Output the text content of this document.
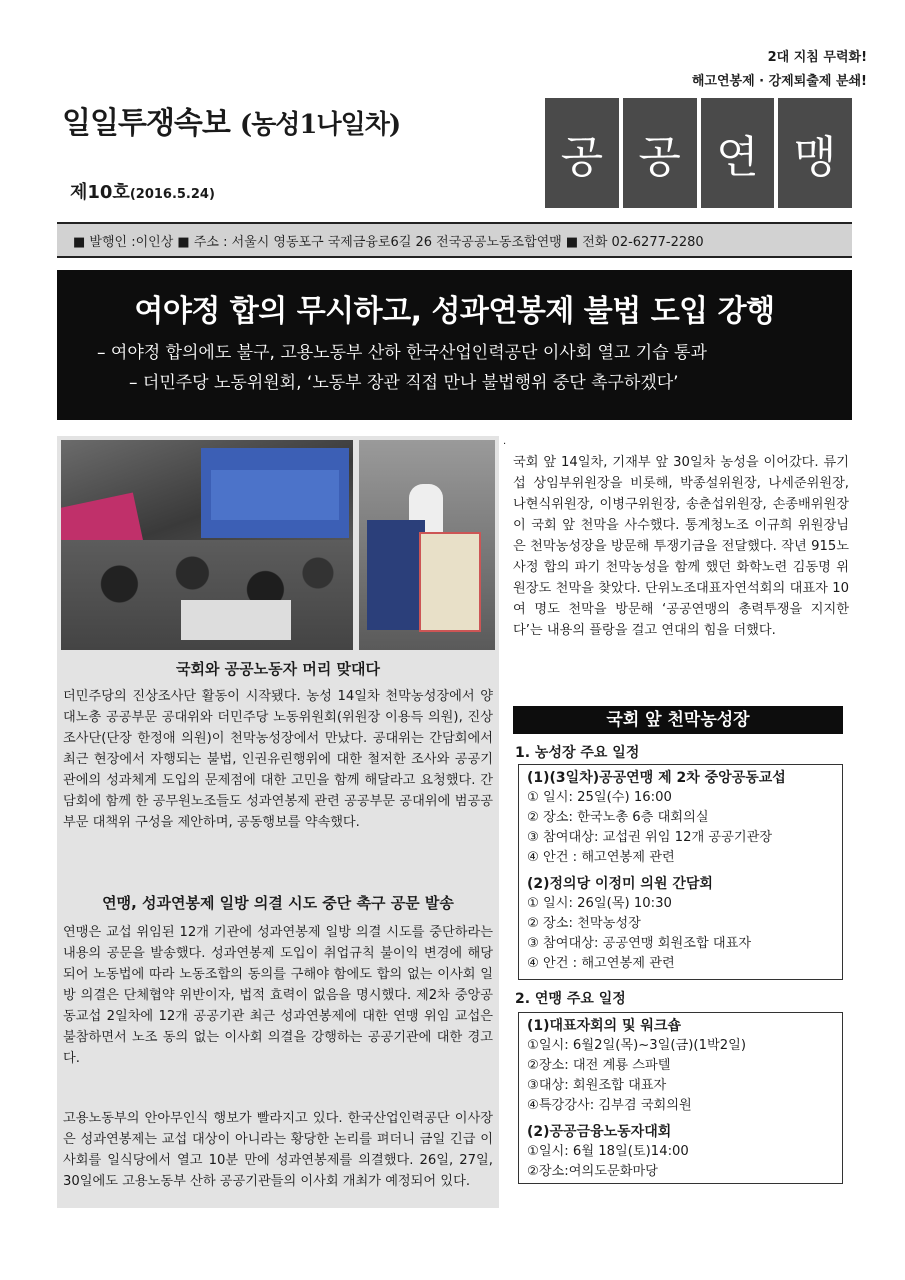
2대 지침 무력화!
해고연봉제 · 강제퇴출제 분쇄!
일일투쟁속보 (농성1나일차)
제10호(2016.5.24)
공 공 연 맹
■ 발행인 :이인상 ■ 주소 : 서울시 영동포구 국제금융로6길 26 전국공공노동조합연맹 ■ 전화 02-6277-2280
여야정 합의 무시하고, 성과연봉제 불법 도입 강행
– 여야정 합의에도 불구, 고용노동부 산하 한국산업인력공단 이사회 열고 기습 통과
– 더민주당 노동위원회, ‘노동부 장관 직접 만나 불법행위 중단 촉구하겠다’
.
국회와 공공노동자 머리 맞대다
더민주당의 진상조사단 활동이 시작됐다. 농성 14일차 천막농성장에서 양대노총 공공부문 공대위와 더민주당 노동위원회(위원장 이용득 의원), 진상조사단(단장 한정애 의원)이 천막농성장에서 만났다. 공대위는 간담회에서 최근 현장에서 자행되는 불법, 인권유린행위에 대한 철저한 조사와 공공기관에의 성과체계 도입의 문제점에 대한 고민을 함께 해달라고 요청했다. 간담회에 함께 한 공무원노조들도 성과연봉제 관련 공공부문 공대위에 범공공부문 대책위 구성을 제안하며, 공동행보를 약속했다.
연맹, 성과연봉제 일방 의결 시도 중단 촉구 공문 발송
연맹은 교섭 위임된 12개 기관에 성과연봉제 일방 의결 시도를 중단하라는 내용의 공문을 발송했다. 성과연봉제 도입이 취업규칙 불이익 변경에 해당되어 노동법에 따라 노동조합의 동의를 구해야 함에도 합의 없는 이사회 일방 의결은 단체협약 위반이자, 법적 효력이 없음을 명시했다. 제2차 중앙공동교섭 2일차에 12개 공공기관 최근 성과연봉제에 대한 연맹 위임 교섭은 불참하면서 노조 동의 없는 이사회 의결을 강행하는 공공기관에 대한 경고다.
고용노동부의 안아무인식 행보가 빨라지고 있다. 한국산업인력공단 이사장은 성과연봉제는 교섭 대상이 아니라는 황당한 논리를 펴더니 금일 긴급 이사회를 일식당에서 열고 10분 만에 성과연봉제를 의결했다. 26일, 27일, 30일에도 고용노동부 산하 공공기관들의 이사회 개최가 예정되어 있다.
국회 앞 14일차, 기재부 앞 30일차 농성을 이어갔다. 류기섭 상임부위원장을 비롯해, 박종설위원장, 나세준위원장, 나현식위원장, 이병구위원장, 송춘섭위원장, 손종배위원장이 국회 앞 천막을 사수했다. 통계청노조 이규희 위원장님은 천막농성장을 방문해 투쟁기금을 전달했다. 작년 915노사정 합의 파기 천막농성을 함께 했던 화학노련 김동명 위원장도 천막을 찾았다. 단위노조대표자연석회의 대표자 10여 명도 천막을 방문해 ‘공공연맹의 총력투쟁을 지지한다’는 내용의 플랑을 걸고 연대의 힘을 더했다.
국회 앞 천막농성장
1. 농성장 주요 일정
(1)(3일차)공공연맹 제 2차 중앙공동교섭
① 일시: 25일(수) 16:00
② 장소: 한국노총 6층 대회의실
③ 참여대상: 교섭권 위임 12개 공공기관장
④ 안건 : 해고연봉제 관련
(2)정의당 이정미 의원 간담회
① 일시: 26일(목) 10:30
② 장소: 천막농성장
③ 참여대상: 공공연맹 회원조합 대표자
④ 안건 : 해고연봉제 관련
2. 연맹 주요 일정
(1)대표자회의 및 워크숍
①일시: 6월2일(목)~3일(금)(1박2일)
②장소: 대전 계룡 스파텔
③대상: 회원조합 대표자
④특강강사: 김부겸 국회의원
(2)공공금융노동자대회
①일시: 6월 18일(토)14:00
②장소:여의도문화마당
